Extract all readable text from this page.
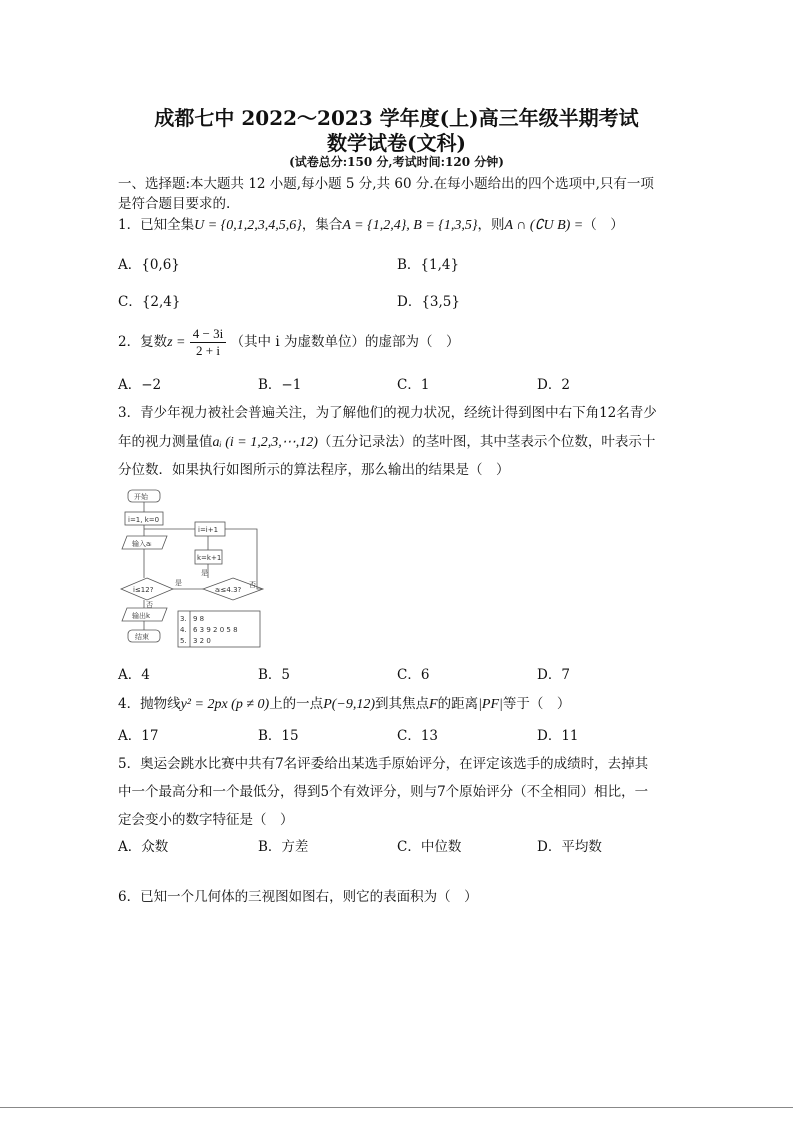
成都七中 2022～2023 学年度(上)高三年级半期考试
数学试卷(文科)
(试卷总分:150 分,考试时间:120 分钟)
一、选择题:本大题共 12 小题,每小题 5 分,共 60 分.在每小题给出的四个选项中,只有一项
是符合题目要求的.
1．已知全集U = {0,1,2,3,4,5,6}，集合A = {1,2,4}, B = {1,3,5}，则A ∩ (∁U B) =（　）
A．{0,6}	B．{1,4}
C．{2,4}	D．{3,5}
2．复数$z = \frac{4 - 3i}{2 + i}$ （其中 i 为虚数单位）的虚部为（　）
A．−2	B．−1	C．1	D．2
3．青少年视力被社会普遍关注，为了解他们的视力状况，经统计得到图中右下角12名青少
年的视力测量值aᵢ (i = 1,2,3,⋯,12)（五分记录法）的茎叶图，其中茎表示个位数，叶表示十
分位数．如果执行如图所示的算法程序，那么输出的结果是（　）
开始
i=1, k=0
输入aᵢ
i≤12?	aᵢ≤4.3?
i=i+1
k=k+1
输出k
结束
是
是
否
否
3. 9 8
4. 6 3 9 2 0 5 8
5. 3 2 0
A．4	B．5	C．6	D．7
4．抛物线y² = 2px (p ≠ 0)上的一点P(−9,12)到其焦点F的距离|PF|等于（　）
A．17	B．15	C．13	D．11
5．奥运会跳水比赛中共有7名评委给出某选手原始评分，在评定该选手的成绩时，去掉其
中一个最高分和一个最低分，得到5个有效评分，则与7个原始评分（不全相同）相比，一
定会变小的数字特征是（　）
A．众数	B．方差	C．中位数	D．平均数
6．已知一个几何体的三视图如图右，则它的表面积为（　）
